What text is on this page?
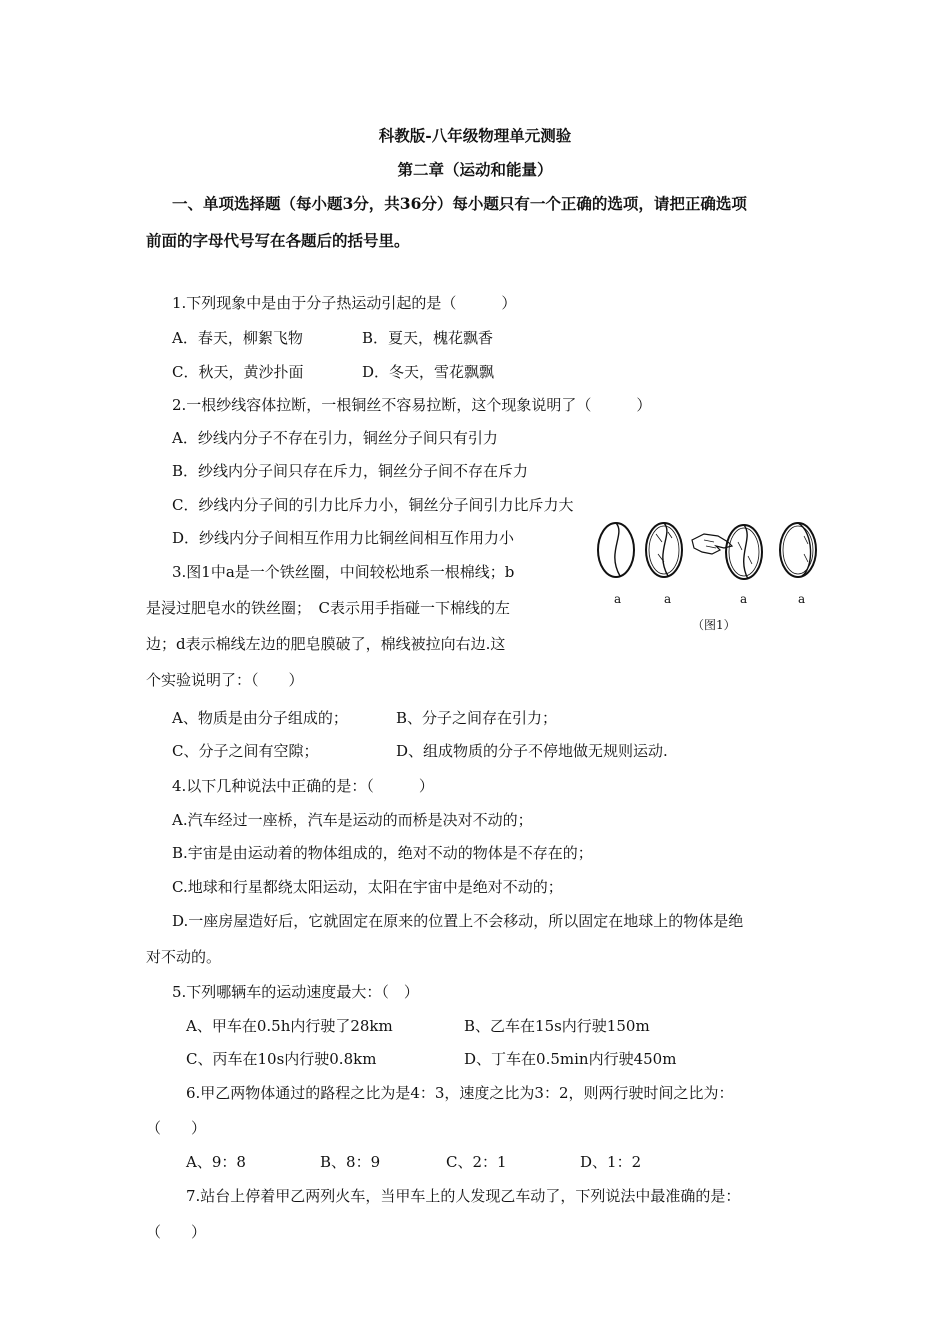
科教版-八年级物理单元测验
第二章（运动和能量）
一、单项选择题（每小题3分，共36分）每小题只有一个正确的选项，请把正确选项
前面的字母代号写在各题后的括号里。
1.下列现象中是由于分子热运动引起的是（　　　）
A．春天，柳絮飞物	B．夏天，槐花飘香
C．秋天，黄沙扑面	D．冬天，雪花飘飘
2.一根纱线容体拉断，一根铜丝不容易拉断，这个现象说明了（　　　）
A．纱线内分子不存在引力，铜丝分子间只有引力
B．纱线内分子间只存在斥力，铜丝分子间不存在斥力
C．纱线内分子间的引力比斥力小，铜丝分子间引力比斥力大
D．纱线内分子间相互作用力比铜丝间相互作用力小
3.图1中a是一个铁丝圈，中间较松地系一根棉线；b
是浸过肥皂水的铁丝圈；　C表示用手指碰一下棉线的左
边；d表示棉线左边的肥皂膜破了，棉线被拉向右边.这
个实验说明了：（　　）
A、物质是由分子组成的；	B、分子之间存在引力；
C、分子之间有空隙；	D、组成物质的分子不停地做无规则运动.
a	a	a	a
（图1）
4.以下几种说法中正确的是：（　　　）
A.汽车经过一座桥，汽车是运动的而桥是决对不动的；
B.宇宙是由运动着的物体组成的，绝对不动的物体是不存在的；
C.地球和行星都绕太阳运动，太阳在宇宙中是绝对不动的；
D.一座房屋造好后，它就固定在原来的位置上不会移动，所以固定在地球上的物体是绝
对不动的。
5.下列哪辆车的运动速度最大：（　）
A、甲车在0.5h内行驶了28km	B、乙车在15s内行驶150m
C、丙车在10s内行驶0.8km	D、丁车在0.5min内行驶450m
6.甲乙两物体通过的路程之比为是4：3，速度之比为3：2，则两行驶时间之比为：
（　　）
A、9：8	B、8：9	C、2：1	D、1：2
7.站台上停着甲乙两列火车，当甲车上的人发现乙车动了，下列说法中最准确的是：
（　　）
